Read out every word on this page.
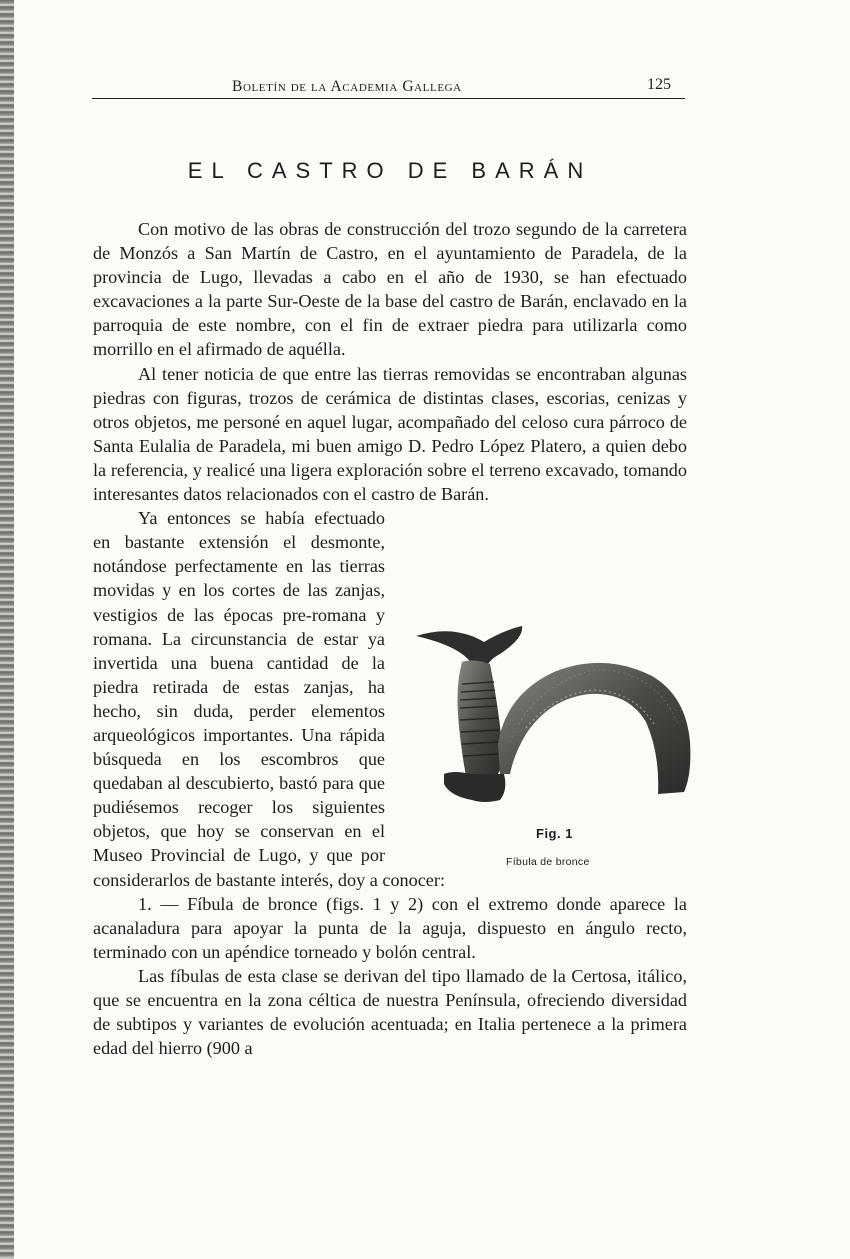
Boletín de la Academia Gallega	125
EL CASTRO DE BARÁN
Fig. 1
Fíbula de bronce

Con motivo de las obras de construcción del trozo segundo de la carretera de Monzós a San Martín de Castro, en el ayuntamiento de Paradela, de la provincia de Lugo, llevadas a cabo en el año de 1930, se han efectuado excavaciones a la parte Sur-Oeste de la base del castro de Barán, enclavado en la parroquia de este nombre, con el fin de extraer piedra para utilizarla como morrillo en el afirmado de aquélla.

Al tener noticia de que entre las tierras removidas se encontraban algunas piedras con figuras, trozos de cerámica de distintas clases, escorias, cenizas y otros objetos, me personé en aquel lugar, acompañado del celoso cura párroco de Santa Eulalia de Paradela, mi buen amigo D. Pedro López Platero, a quien debo la referencia, y realicé una ligera exploración sobre el terreno excavado, tomando interesantes datos relacionados con el castro de Barán.

Ya entonces se había efectuado en bastante extensión el desmonte, notándose perfectamente en las tierras movidas y en los cortes de las zanjas, vestigios de las épocas pre-romana y romana. La circunstancia de estar ya invertida una buena cantidad de la piedra retirada de estas zanjas, ha hecho, sin duda, perder elementos arqueológicos importantes. Una rápida búsqueda en los escombros que quedaban al descubierto, bastó para que pudiésemos recoger los siguientes objetos, que hoy se conservan en el Museo Provincial de Lugo, y que por considerarlos de bastante interés, doy a conocer:

1. — Fíbula de bronce (figs. 1 y 2) con el extremo donde aparece la acanaladura para apoyar la punta de la aguja, dispuesto en ángulo recto, terminado con un apéndice torneado y bolón central.

Las fíbulas de esta clase se derivan del tipo llamado de la Certosa, itálico, que se encuentra en la zona céltica de nuestra Península, ofreciendo diversidad de subtipos y variantes de evolución acentuada; en Italia pertenece a la primera edad del hierro (900 a
